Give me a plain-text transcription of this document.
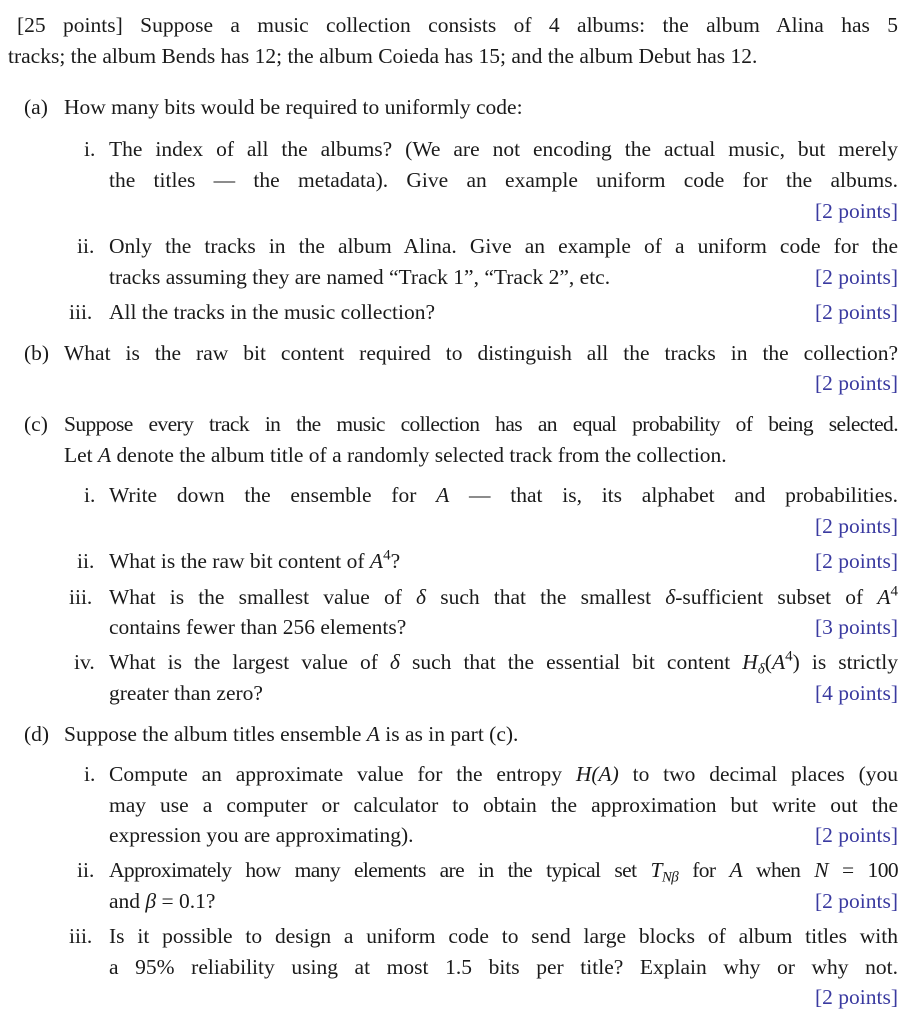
[25 points] Suppose a music collection consists of 4 albums: the album Alina has 5
tracks; the album Bends has 12; the album Coieda has 15; and the album Debut has 12.
(a) How many bits would be required to uniformly code:
i. The index of all the albums? (We are not encoding the actual music, but merely
the titles — the metadata). Give an example uniform code for the albums.
[2 points]
ii. Only the tracks in the album Alina. Give an example of a uniform code for the
tracks assuming they are named “Track 1”, “Track 2”, etc.	[2 points]
iii. All the tracks in the music collection?	[2 points]
(b) What is the raw bit content required to distinguish all the tracks in the collection?
[2 points]
(c) Suppose every track in the music collection has an equal probability of being selected.
Let A denote the album title of a randomly selected track from the collection.
i. Write down the ensemble for A — that is, its alphabet and probabilities.
[2 points]
ii. What is the raw bit content of $A^4$?	[2 points]
iii. What is the smallest value of δ such that the smallest δ-sufficient subset of $A^4$
contains fewer than 256 elements?	[3 points]
iv. What is the largest value of δ such that the essential bit content $H_\delta(A^4)$ is strictly
greater than zero?	[4 points]
(d) Suppose the album titles ensemble A is as in part (c).
i. Compute an approximate value for the entropy H(A) to two decimal places (you
may use a computer or calculator to obtain the approximation but write out the
expression you are approximating).	[2 points]
ii. Approximately how many elements are in the typical set $T_{N\beta}$ for A when N = 100
and β = 0.1?	[2 points]
iii. Is it possible to design a uniform code to send large blocks of album titles with
a 95% reliability using at most 1.5 bits per title? Explain why or why not.
[2 points]
